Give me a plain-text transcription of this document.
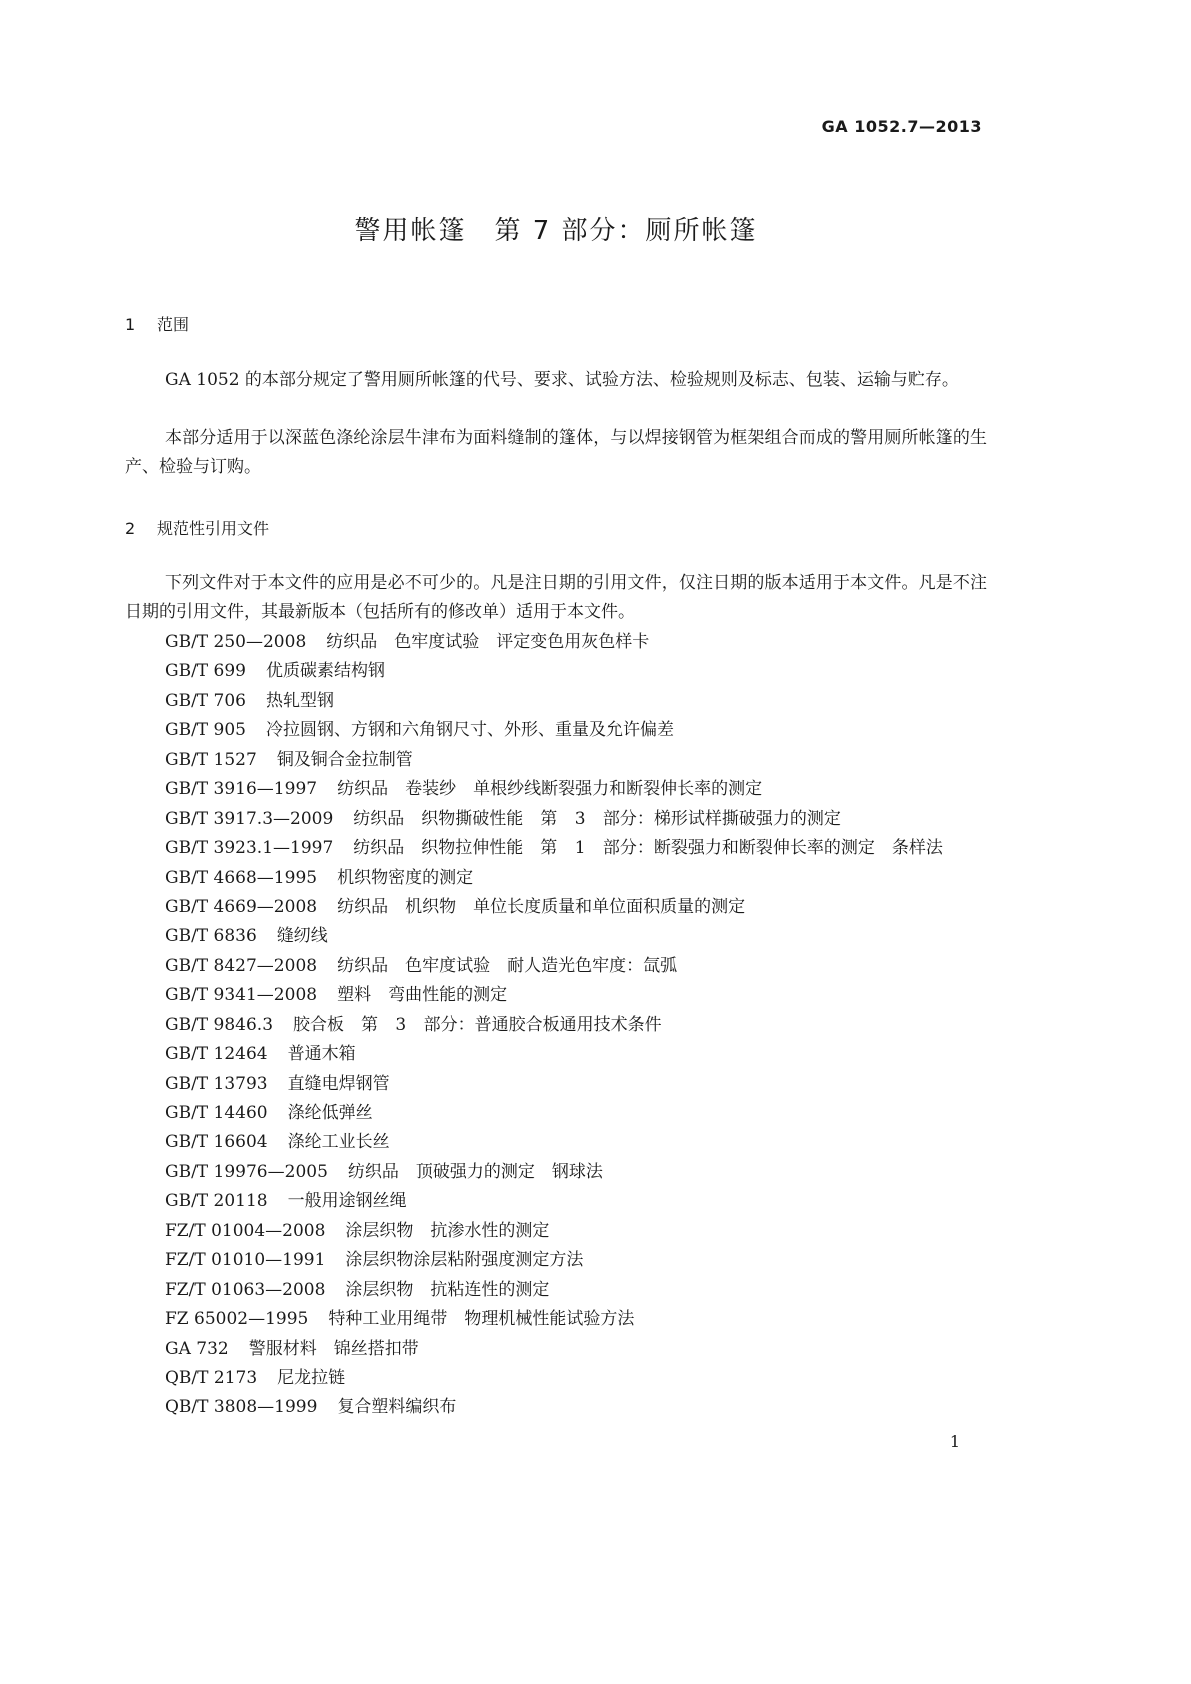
GA 1052.7—2013
警用帐篷　第 7 部分：厕所帐篷
1 范围

GA 1052 的本部分规定了警用厕所帐篷的代号、要求、试验方法、检验规则及标志、包装、运输与贮存。

本部分适用于以深蓝色涤纶涂层牛津布为面料缝制的篷体，与以焊接钢管为框架组合而成的警用厕所帐篷的生产、检验与订购。

2 规范性引用文件

下列文件对于本文件的应用是必不可少的。凡是注日期的引用文件，仅注日期的版本适用于本文件。凡是不注日期的引用文件，其最新版本（包括所有的修改单）适用于本文件。

GB/T 250—2008 纺织品　色牢度试验　评定变色用灰色样卡
GB/T 699 优质碳素结构钢
GB/T 706 热轧型钢
GB/T 905 冷拉圆钢、方钢和六角钢尺寸、外形、重量及允许偏差
GB/T 1527 铜及铜合金拉制管
GB/T 3916—1997 纺织品　卷装纱　单根纱线断裂强力和断裂伸长率的测定
GB/T 3917.3—2009 纺织品　织物撕破性能　第 3 部分：梯形试样撕破强力的测定
GB/T 3923.1—1997 纺织品　织物拉伸性能　第 1 部分：断裂强力和断裂伸长率的测定　条样法
GB/T 4668—1995 机织物密度的测定
GB/T 4669—2008 纺织品　机织物　单位长度质量和单位面积质量的测定
GB/T 6836 缝纫线
GB/T 8427—2008 纺织品　色牢度试验　耐人造光色牢度：氙弧
GB/T 9341—2008 塑料　弯曲性能的测定
GB/T 9846.3 胶合板　第 3 部分：普通胶合板通用技术条件
GB/T 12464 普通木箱
GB/T 13793 直缝电焊钢管
GB/T 14460 涤纶低弹丝
GB/T 16604 涤纶工业长丝
GB/T 19976—2005 纺织品　顶破强力的测定　钢球法
GB/T 20118 一般用途钢丝绳
FZ/T 01004—2008 涂层织物　抗渗水性的测定
FZ/T 01010—1991 涂层织物涂层粘附强度测定方法
FZ/T 01063—2008 涂层织物　抗粘连性的测定
FZ 65002—1995 特种工业用绳带　物理机械性能试验方法
GA 732 警服材料　锦丝搭扣带
QB/T 2173 尼龙拉链
QB/T 3808—1999 复合塑料编织布
1
